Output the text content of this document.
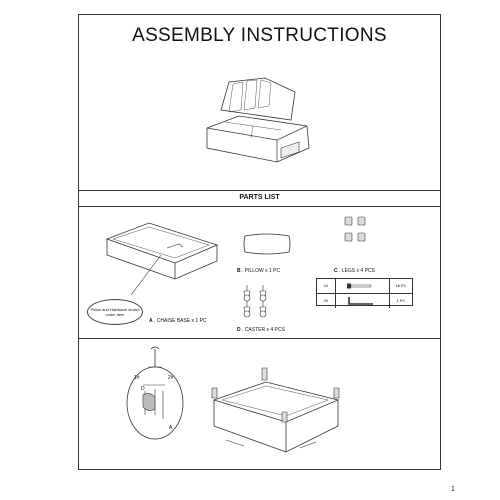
ASSEMBLY INSTRUCTIONS
PARTS LIST
Pillow and Hardware stored under item
A . CHAISE BASE x 1 PC
B . PILLOW x 1 PC	C . LEGS x 4 PCS
D . CASTER x 4 PCS
1#	16 PC
2#	1 PC
D
1#	2#
A
1
